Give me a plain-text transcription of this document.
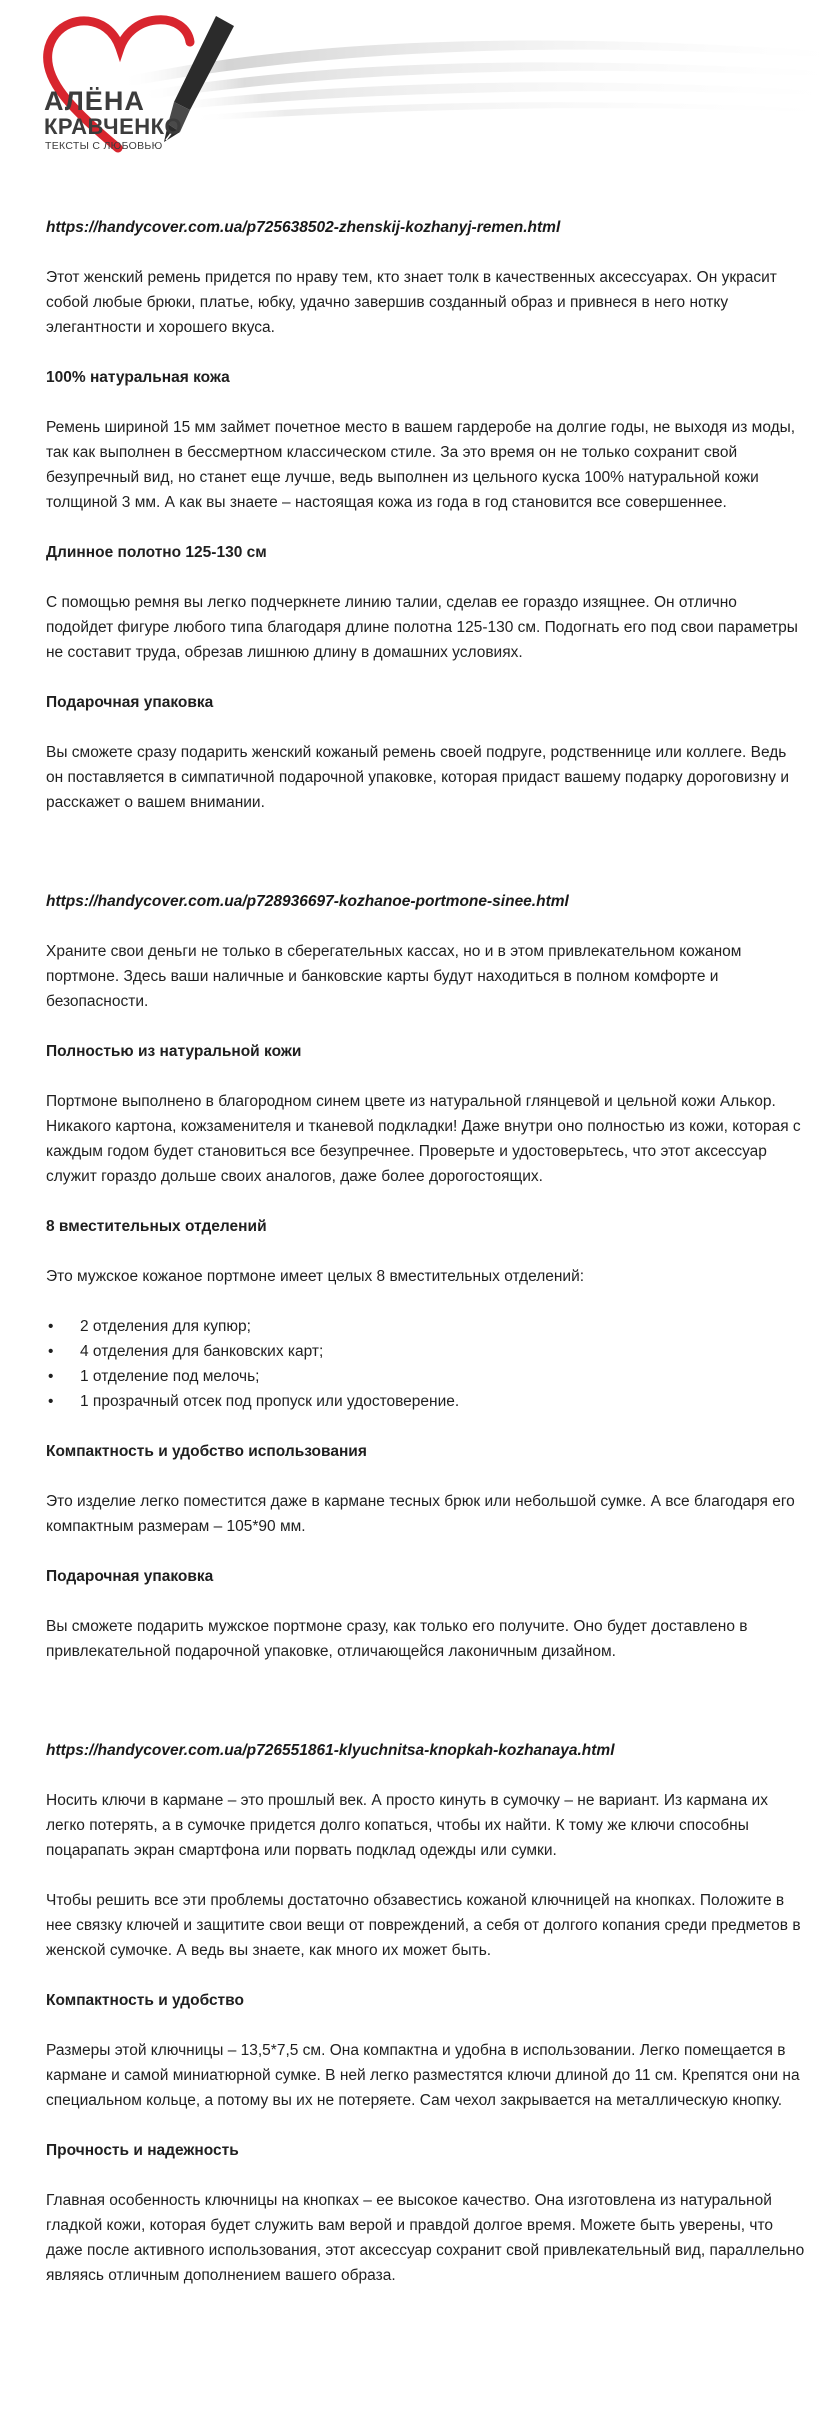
АЛЁНА
КРАВЧЕНКО
ТЕКСТЫ С ЛЮБОВЬЮ
https://handycover.com.ua/p725638502-zhenskij-kozhanyj-remen.html
Этот женский ремень придется по нраву тем, кто знает толк в качественных аксессуарах. Он украсит собой любые брюки, платье, юбку, удачно завершив созданный образ и привнеся в него нотку элегантности и хорошего вкуса.
100% натуральная кожа
Ремень шириной 15 мм займет почетное место в вашем гардеробе на долгие годы, не выходя из моды, так как выполнен в бессмертном классическом стиле. За это время он не только сохранит свой безупречный вид, но станет еще лучше, ведь выполнен из цельного куска 100% натуральной кожи толщиной 3 мм. А как вы знаете – настоящая кожа из года в год становится все совершеннее.
Длинное полотно 125-130 см
С помощью ремня вы легко подчеркнете линию талии, сделав ее гораздо изящнее. Он отлично подойдет фигуре любого типа благодаря длине полотна 125-130 см. Подогнать его под свои параметры не составит труда, обрезав лишнюю длину в домашних условиях.
Подарочная упаковка
Вы сможете сразу подарить женский кожаный ремень своей подруге, родственнице или коллеге. Ведь он поставляется в симпатичной подарочной упаковке, которая придаст вашему подарку дороговизну и расскажет о вашем внимании.
https://handycover.com.ua/p728936697-kozhanoe-portmone-sinee.html
Храните свои деньги не только в сберегательных кассах, но и в этом привлекательном кожаном портмоне. Здесь ваши наличные и банковские карты будут находиться в полном комфорте и безопасности.
Полностью из натуральной кожи
Портмоне выполнено в благородном синем цвете из натуральной глянцевой и цельной кожи Алькор. Никакого картона, кожзаменителя и тканевой подкладки! Даже внутри оно полностью из кожи, которая с каждым годом будет становиться все безупречнее. Проверьте и удостоверьтесь, что этот аксессуар служит гораздо дольше своих аналогов, даже более дорогостоящих.
8 вместительных отделений
Это мужское кожаное портмоне имеет целых 8 вместительных отделений:
• 2 отделения для купюр;
• 4 отделения для банковских карт;
• 1 отделение под мелочь;
• 1 прозрачный отсек под пропуск или удостоверение.
Компактность и удобство использования
Это изделие легко поместится даже в кармане тесных брюк или небольшой сумке. А все благодаря его компактным размерам – 105*90 мм.
Подарочная упаковка
Вы сможете подарить мужское портмоне сразу, как только его получите. Оно будет доставлено в привлекательной подарочной упаковке, отличающейся лаконичным дизайном.
https://handycover.com.ua/p726551861-klyuchnitsa-knopkah-kozhanaya.html
Носить ключи в кармане – это прошлый век. А просто кинуть в сумочку – не вариант. Из кармана их легко потерять, а в сумочке придется долго копаться, чтобы их найти. К тому же ключи способны поцарапать экран смартфона или порвать подклад одежды или сумки.
Чтобы решить все эти проблемы достаточно обзавестись кожаной ключницей на кнопках. Положите в нее связку ключей и защитите свои вещи от повреждений, а себя от долгого копания среди предметов в женской сумочке. А ведь вы знаете, как много их может быть.
Компактность и удобство
Размеры этой ключницы – 13,5*7,5 см. Она компактна и удобна в использовании. Легко помещается в кармане и самой миниатюрной сумке. В ней легко разместятся ключи длиной до 11 см. Крепятся они на специальном кольце, а потому вы их не потеряете. Сам чехол закрывается на металлическую кнопку.
Прочность и надежность
Главная особенность ключницы на кнопках – ее высокое качество. Она изготовлена из натуральной гладкой кожи, которая будет служить вам верой и правдой долгое время. Можете быть уверены, что даже после активного использования, этот аксессуар сохранит свой привлекательный вид, параллельно являясь отличным дополнением вашего образа.
